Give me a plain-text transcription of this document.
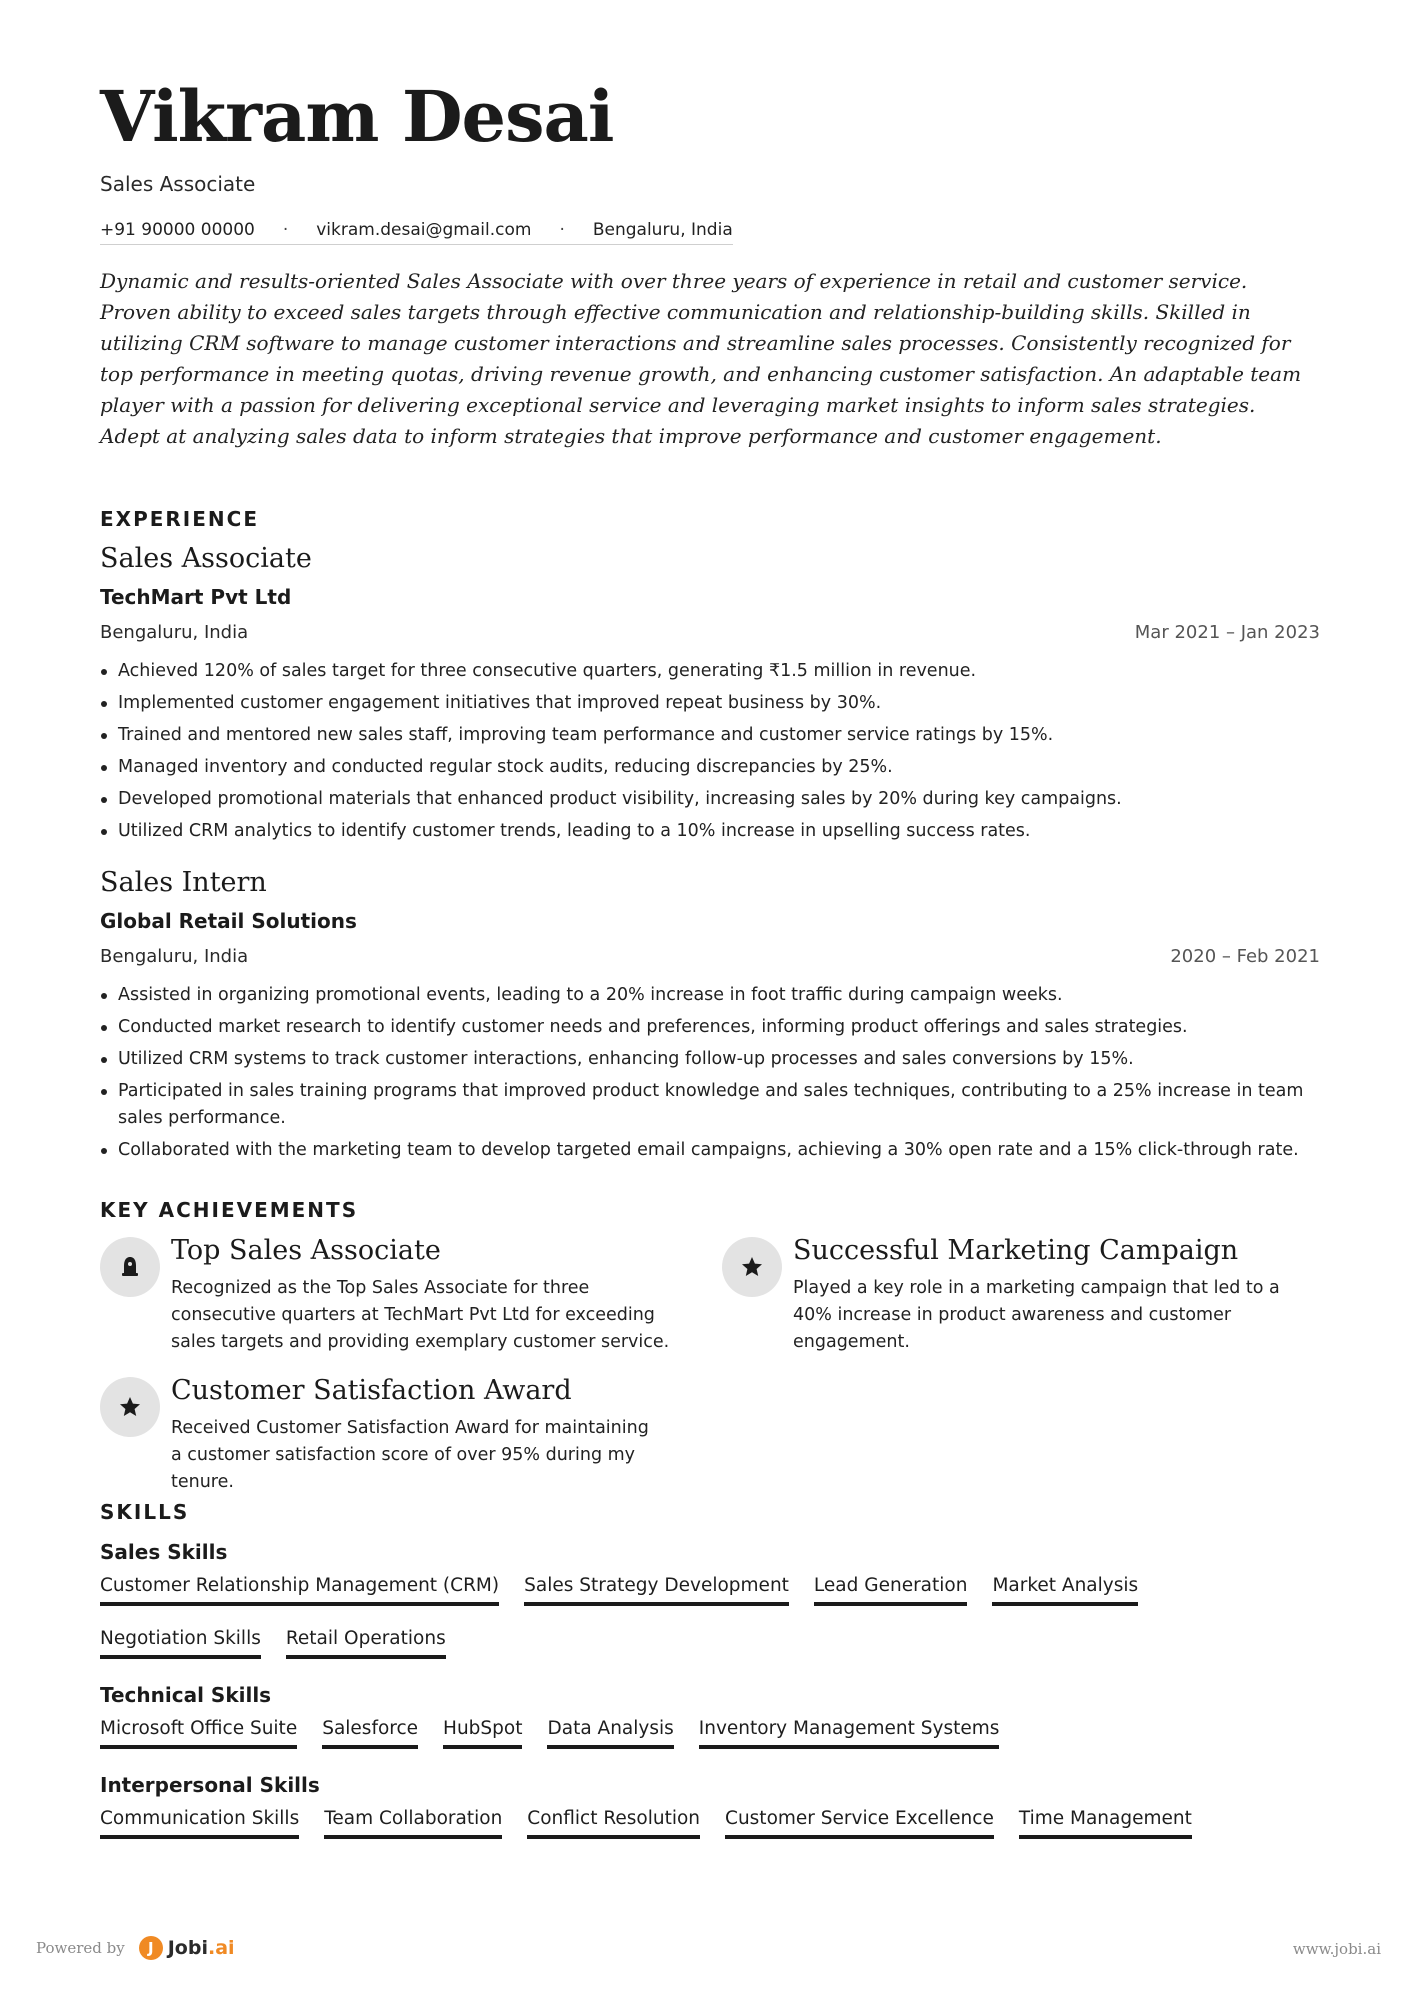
Vikram Desai
Sales Associate
+91 90000 00000 · vikram.desai@gmail.com · Bengaluru, India

Dynamic and results-oriented Sales Associate with over three years of experience in retail and customer service. Proven ability to exceed sales targets through effective communication and relationship-building skills. Skilled in utilizing CRM software to manage customer interactions and streamline sales processes. Consistently recognized for top performance in meeting quotas, driving revenue growth, and enhancing customer satisfaction. An adaptable team player with a passion for delivering exceptional service and leveraging market insights to inform sales strategies. Adept at analyzing sales data to inform strategies that improve performance and customer engagement.

EXPERIENCE
Sales Associate
TechMart Pvt Ltd
Bengaluru, India	Mar 2021 – Jan 2023
Achieved 120% of sales target for three consecutive quarters, generating ₹1.5 million in revenue.
Implemented customer engagement initiatives that improved repeat business by 30%.
Trained and mentored new sales staff, improving team performance and customer service ratings by 15%.
Managed inventory and conducted regular stock audits, reducing discrepancies by 25%.
Developed promotional materials that enhanced product visibility, increasing sales by 20% during key campaigns.
Utilized CRM analytics to identify customer trends, leading to a 10% increase in upselling success rates.
Sales Intern
Global Retail Solutions
Bengaluru, India	2020 – Feb 2021
Assisted in organizing promotional events, leading to a 20% increase in foot traffic during campaign weeks.
Conducted market research to identify customer needs and preferences, informing product offerings and sales strategies.
Utilized CRM systems to track customer interactions, enhancing follow-up processes and sales conversions by 15%.
Participated in sales training programs that improved product knowledge and sales techniques, contributing to a 25% increase in team sales performance.
Collaborated with the marketing team to develop targeted email campaigns, achieving a 30% open rate and a 15% click-through rate.
KEY ACHIEVEMENTS
Top Sales Associate
Recognized as the Top Sales Associate for three consecutive quarters at TechMart Pvt Ltd for exceeding sales targets and providing exemplary customer service.
Successful Marketing Campaign
Played a key role in a marketing campaign that led to a 40% increase in product awareness and customer engagement.
Customer Satisfaction Award
Received Customer Satisfaction Award for maintaining a customer satisfaction score of over 95% during my tenure.
SKILLS
Sales Skills
Customer Relationship Management (CRM) Sales Strategy Development Lead Generation Market Analysis
Negotiation Skills Retail Operations
Technical Skills
Microsoft Office Suite Salesforce HubSpot Data Analysis Inventory Management Systems
Interpersonal Skills
Communication Skills Team Collaboration Conflict Resolution Customer Service Excellence Time Management
Powered by	J Jobi.ai	www.jobi.ai
